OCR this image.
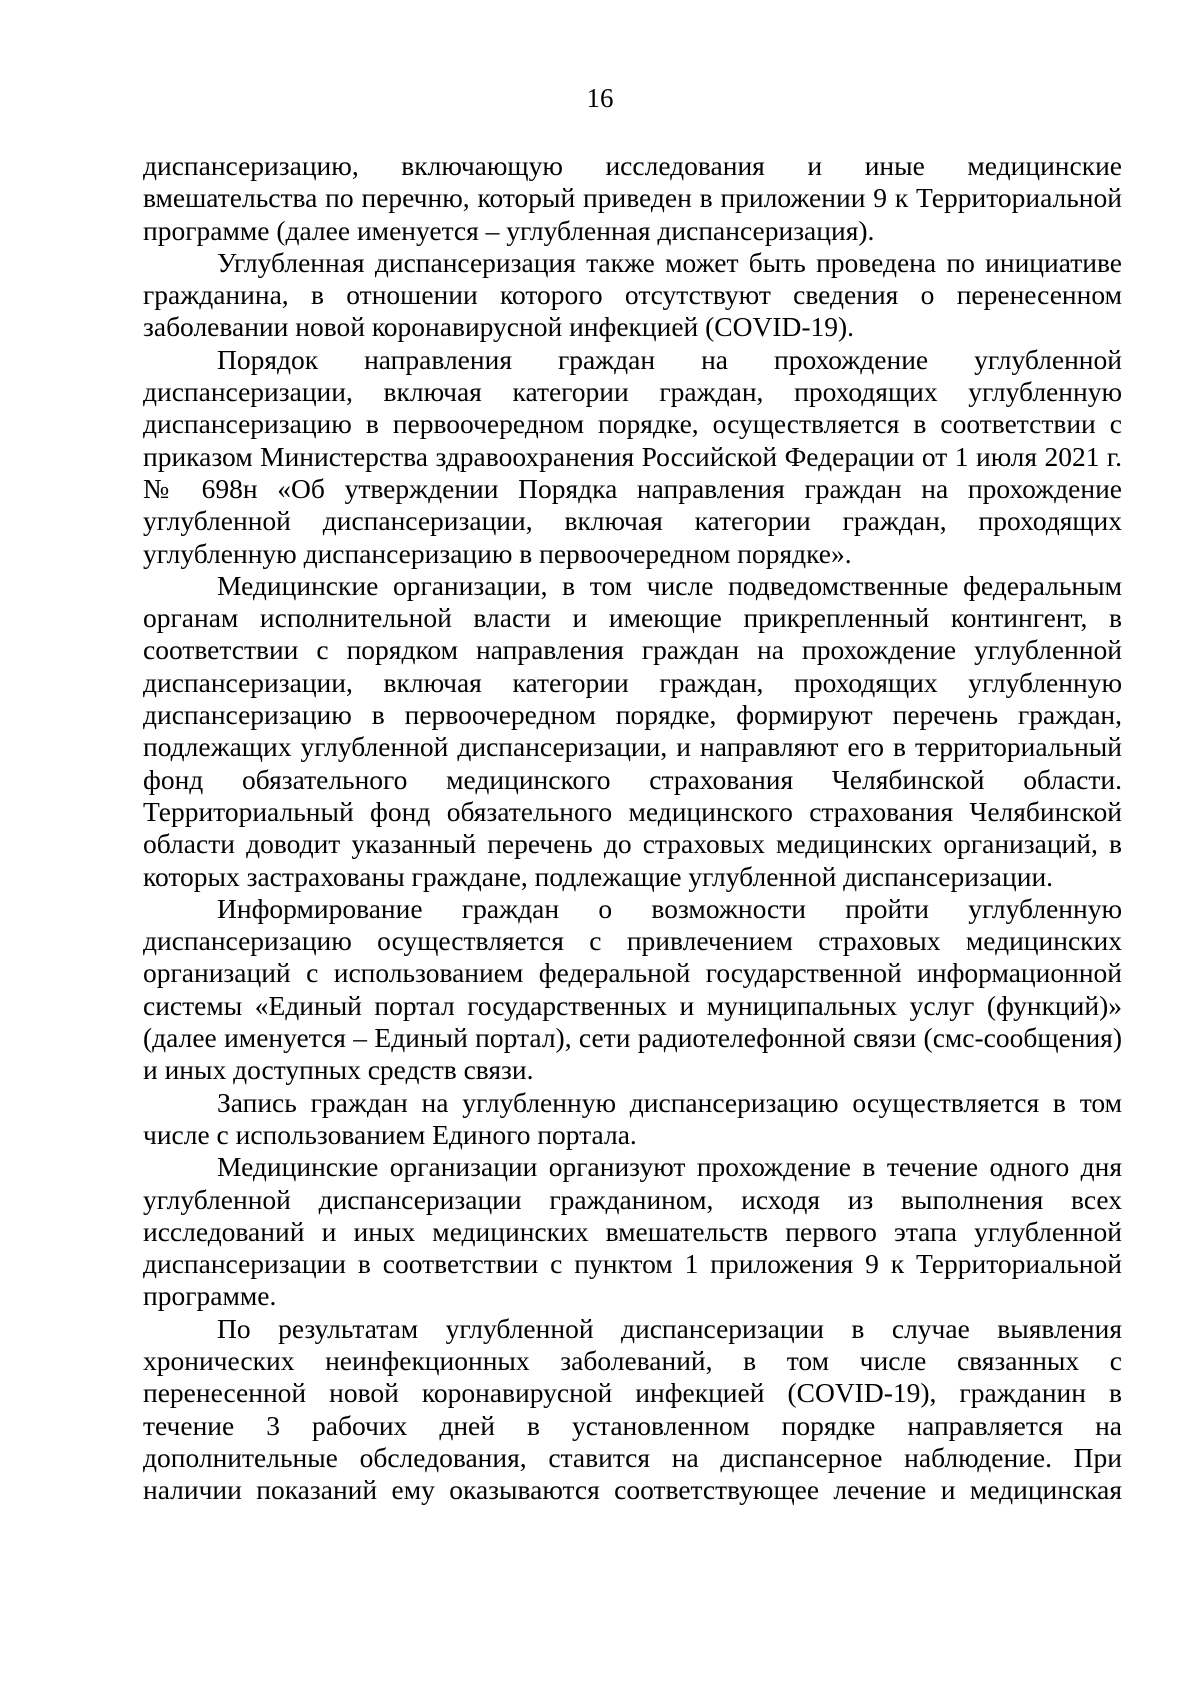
16

диспансеризацию, включающую исследования и иные медицинские вмешательства по перечню, который приведен в приложении 9 к Территориальной программе (далее именуется – углубленная диспансеризация).

Углубленная диспансеризация также может быть проведена по инициативе гражданина, в отношении которого отсутствуют сведения о перенесенном заболевании новой коронавирусной инфекцией (COVID-19).

Порядок направления граждан на прохождение углубленной диспансеризации, включая категории граждан, проходящих углубленную диспансеризацию в первоочередном порядке, осуществляется в соответствии с приказом Министерства здравоохранения Российской Федерации от 1 июля 2021 г. № 698н «Об утверждении Порядка направления граждан на прохождение углубленной диспансеризации, включая категории граждан, проходящих углубленную диспансеризацию в первоочередном порядке».

Медицинские организации, в том числе подведомственные федеральным органам исполнительной власти и имеющие прикрепленный контингент, в соответствии с порядком направления граждан на прохождение углубленной диспансеризации, включая категории граждан, проходящих углубленную диспансеризацию в первоочередном порядке, формируют перечень граждан, подлежащих углубленной диспансеризации, и направляют его в территориальный фонд обязательного медицинского страхования Челябинской области. Территориальный фонд обязательного медицинского страхования Челябинской области доводит указанный перечень до страховых медицинских организаций, в которых застрахованы граждане, подлежащие углубленной диспансеризации.

Информирование граждан о возможности пройти углубленную диспансеризацию осуществляется с привлечением страховых медицинских организаций с использованием федеральной государственной информационной системы «Единый портал государственных и муниципальных услуг (функций)» (далее именуется – Единый портал), сети радиотелефонной связи (смс-сообщения) и иных доступных средств связи.

Запись граждан на углубленную диспансеризацию осуществляется в том числе с использованием Единого портала.

Медицинские организации организуют прохождение в течение одного дня углубленной диспансеризации гражданином, исходя из выполнения всех исследований и иных медицинских вмешательств первого этапа углубленной диспансеризации в соответствии с пунктом 1 приложения 9 к Территориальной программе.

По результатам углубленной диспансеризации в случае выявления хронических неинфекционных заболеваний, в том числе связанных с перенесенной новой коронавирусной инфекцией (COVID-19), гражданин в течение 3 рабочих дней в установленном порядке направляется на дополнительные обследования, ставится на диспансерное наблюдение. При наличии показаний ему оказываются соответствующее лечение и медицинская
